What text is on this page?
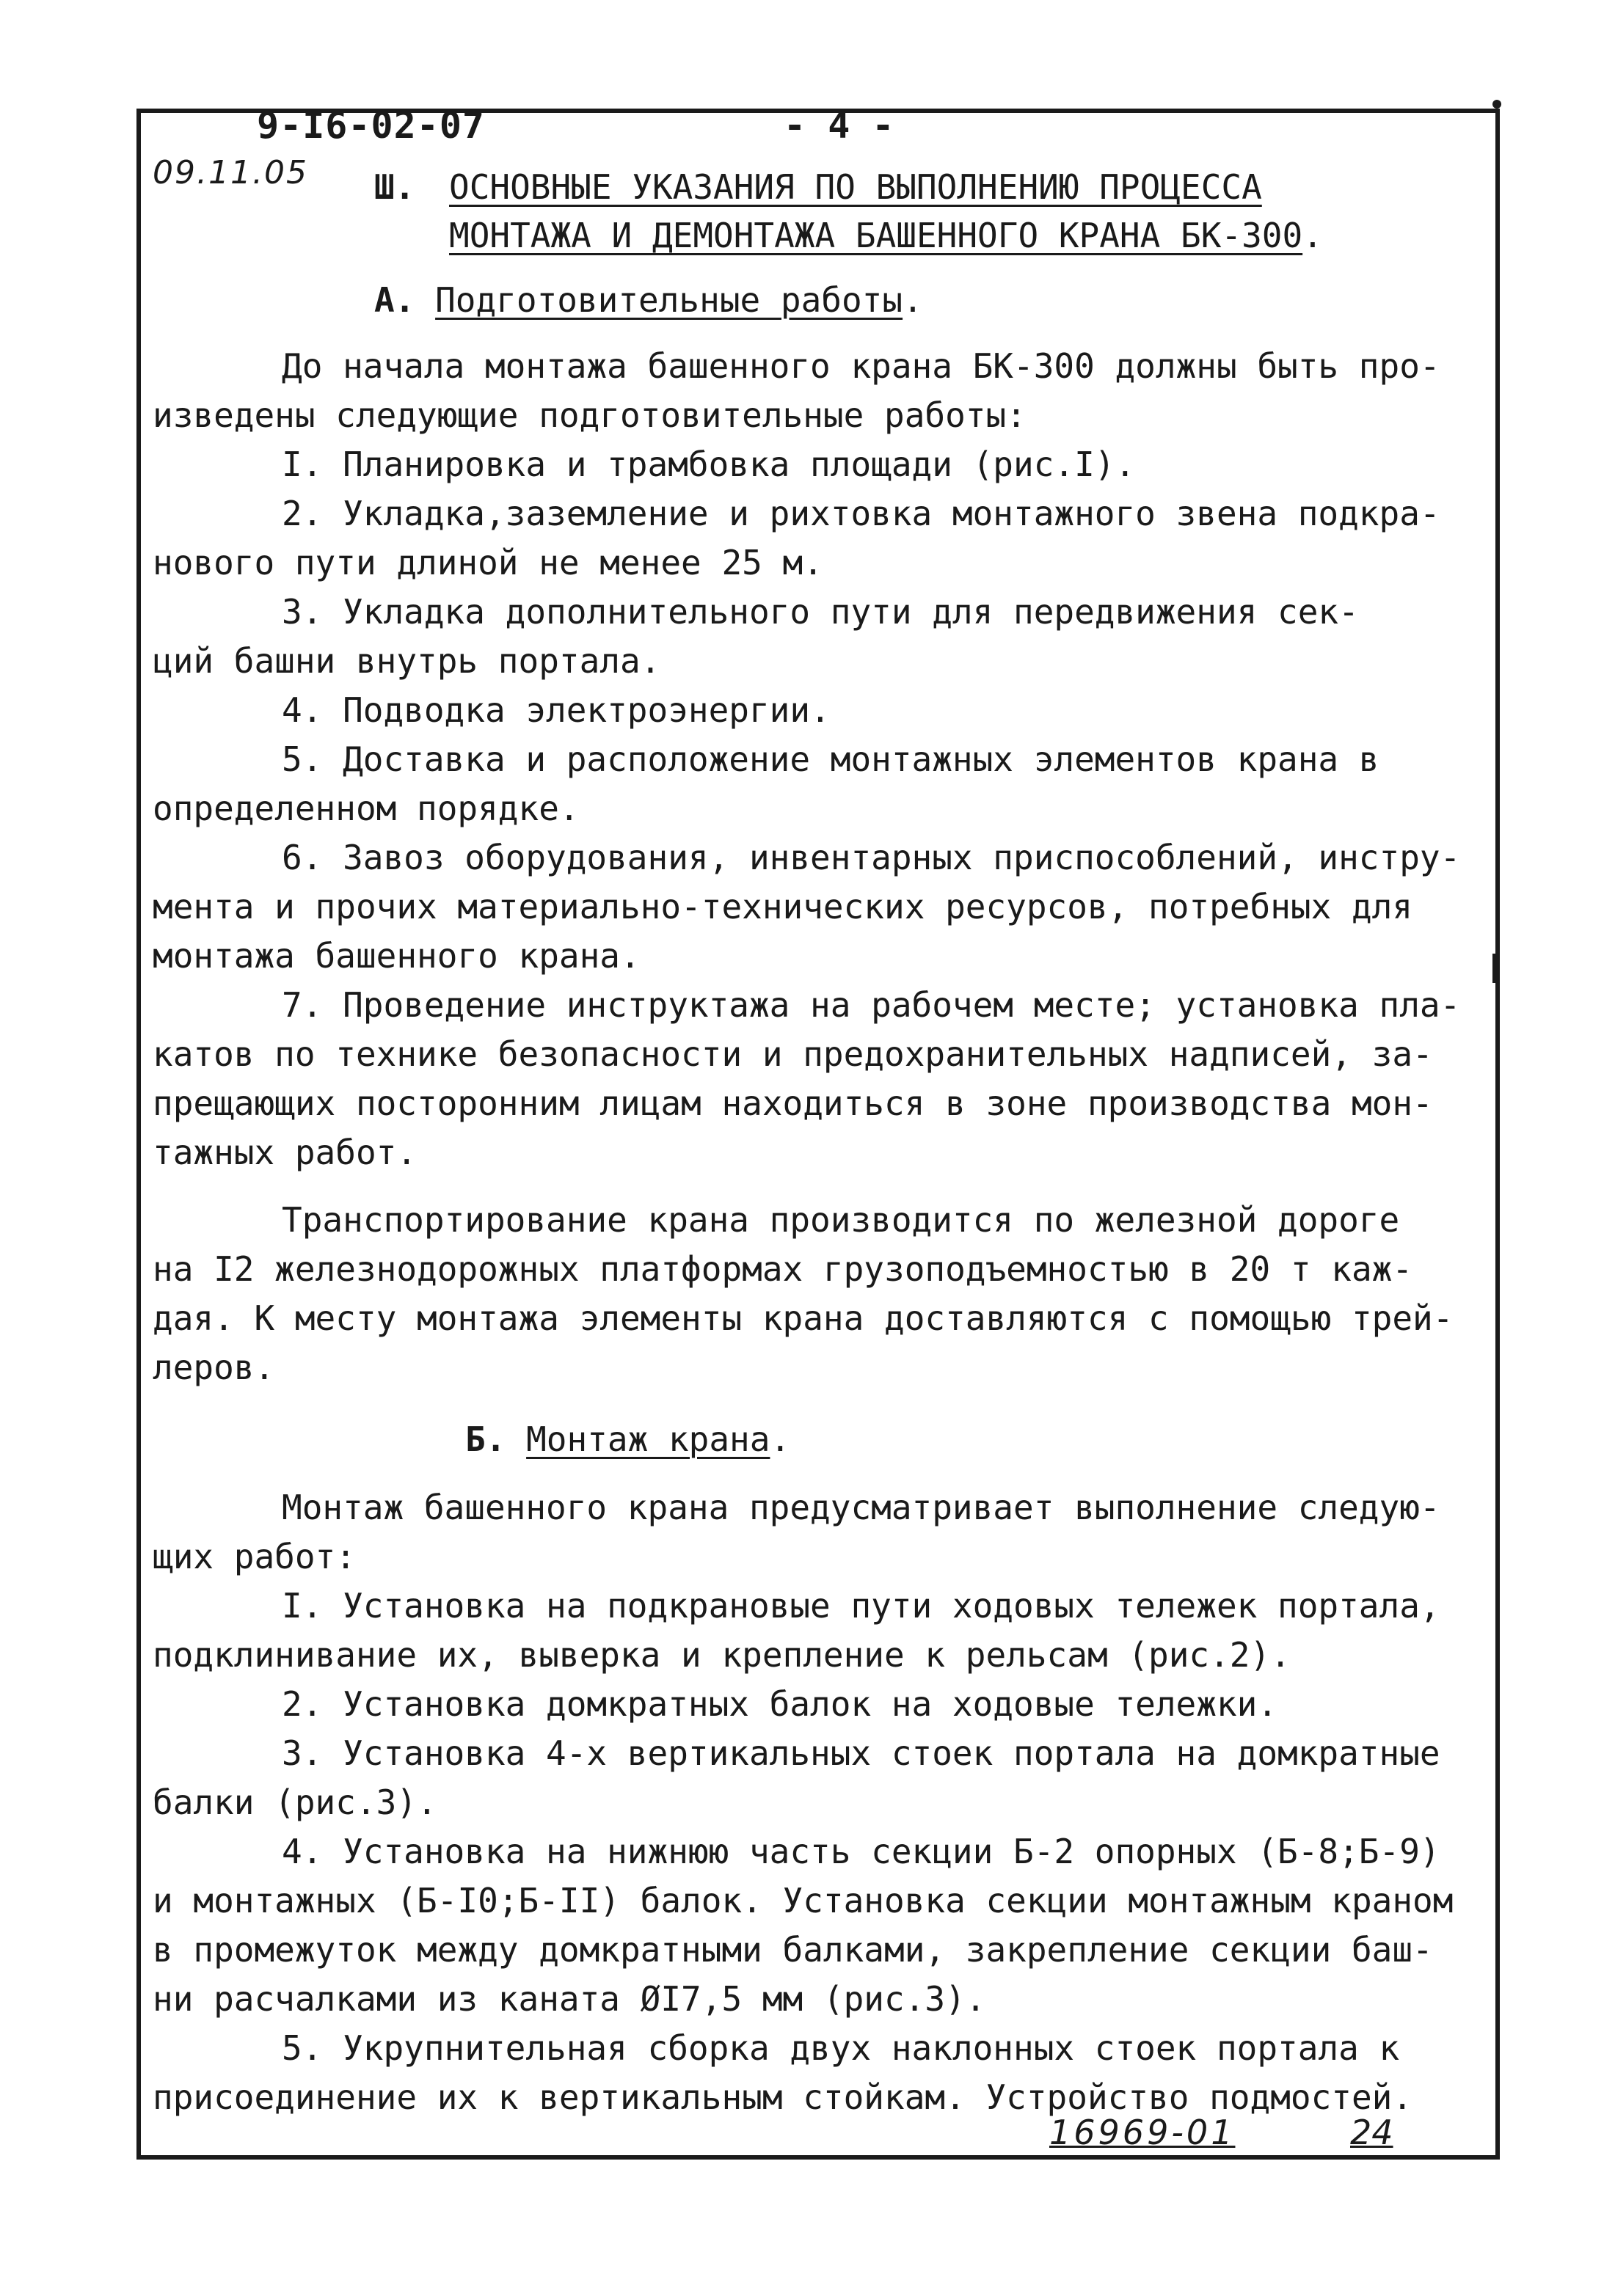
9-I6-02-07	- 4 -
09.11.05 Ш. ОСНОВНЫЕ УКАЗАНИЯ ПО ВЫПОЛНЕНИЮ ПРОЦЕССА
МОНТАЖА И ДЕМОНТАЖА БАШЕННОГО КРАНА БК-300.
А. Подготовительные работы.
До начала монтажа башенного крана БК-300 должны быть про-
изведены следующие подготовительные работы:
I. Планировка и трамбовка площади (рис.I).
2. Укладка,заземление и рихтовка монтажного звена подкра-
нового пути длиной не менее 25 м.
3. Укладка дополнительного пути для передвижения сек-
ций башни внутрь портала.
4. Подводка электроэнергии.
5. Доставка и расположение монтажных элементов крана в
определенном порядке.
6. Завоз оборудования, инвентарных приспособлений, инстру-
мента и прочих материально-технических ресурсов, потребных для
монтажа башенного крана.
7. Проведение инструктажа на рабочем месте; установка пла-
катов по технике безопасности и предохранительных надписей, за-
прещающих посторонним лицам находиться в зоне производства мон-
тажных работ.
Транспортирование крана производится по железной дороге
на I2 железнодорожных платформах грузоподъемностью в 20 т каж-
дая. К месту монтажа элементы крана доставляются с помощью трей-
леров.
Б. Монтаж крана.
Монтаж башенного крана предусматривает выполнение следую-
щих работ:
I. Установка на подкрановые пути ходовых тележек портала,
подклинивание их, выверка и крепление к рельсам (рис.2).
2. Установка домкратных балок на ходовые тележки.
3. Установка 4-х вертикальных стоек портала на домкратные
балки (рис.3).
4. Установка на нижнюю часть секции Б-2 опорных (Б-8;Б-9)
и монтажных (Б-I0;Б-II) балок. Установка секции монтажным краном
в промежуток между домкратными балками, закрепление секции баш-
ни расчалками из каната ØI7,5 мм (рис.3).
5. Укрупнительная сборка двух наклонных стоек портала к
присоединение их к вертикальным стойкам. Устройство подмостей.
16969-01	24
